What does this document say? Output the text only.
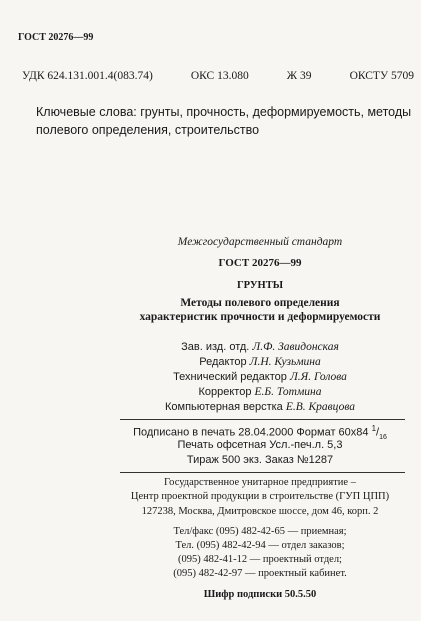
ГОСТ 20276—99
УДК 624.131.001.4(083.74)	ОКС 13.080	Ж 39	ОКСТУ 5709
Ключевые слова: грунты, прочность, деформируемость, методы полевого определения, строительство
Межгосударственный стандарт
ГОСТ 20276—99
ГРУНТЫ
Методы полевого определения
характеристик прочности и деформируемости
Зав. изд. отд. Л.Ф. Завидонская
Редактор Л.Н. Кузьмина
Технический редактор Л.Я. Голова
Корректор Е.Б. Тотмина
Компьютерная верстка Е.В. Кравцова
Подписано в печать 28.04.2000 Формат 60х84 $^1/_{16}$
Печать офсетная Усл.-печ.л. 5,3
Тираж 500 экз. Заказ №1287
Государственное унитарное предприятие –
Центр проектной продукции в строительстве (ГУП ЦПП)
127238, Москва, Дмитровское шоссе, дом 46, корп. 2
Тел/факс (095) 482-42-65 — приемная;
Тел. (095) 482-42-94 — отдел заказов;
(095) 482-41-12 — проектный отдел;
(095) 482-42-97 — проектный кабинет.
Шифр подписки 50.5.50
